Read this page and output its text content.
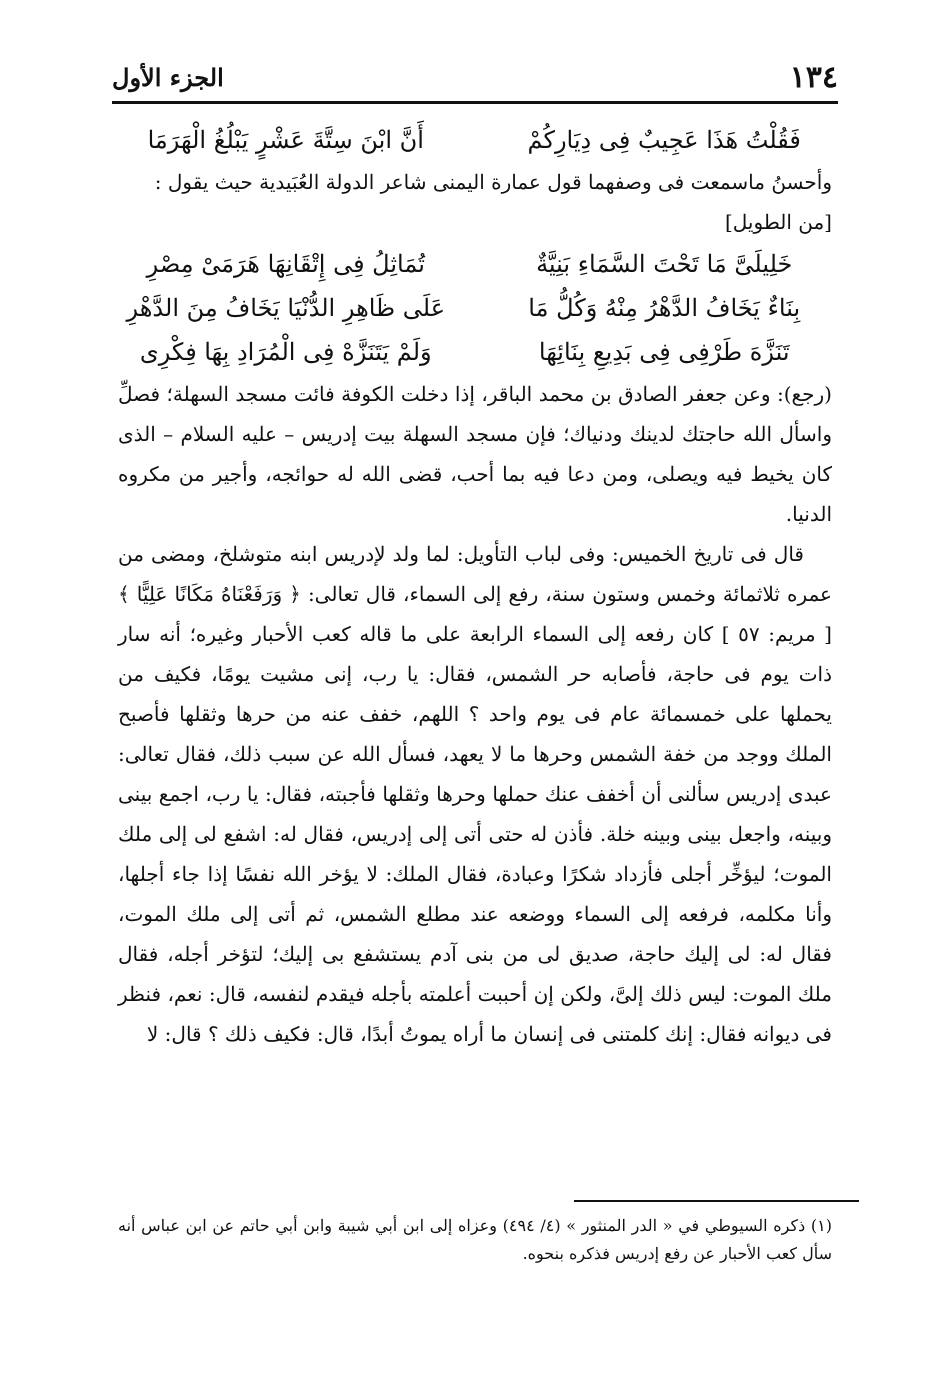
١٣٤
الجزء الأول
فَقُلْتُ هَذَا عَجِيبٌ فِى دِيَارِكُمْ
أَنَّ ابْنَ سِتَّةَ عَشْرٍ يَبْلُغُ الْهَرَمَا

وأحسنُ ماسمعت فى وصفهما قول عمارة اليمنى شاعر الدولة العُبَيدية حيث يقول :

[من الطويل]

خَلِيلَىَّ مَا تَحْتَ السَّمَاءِ بَنِيَّةٌ
تُمَاثِلُ فِى إِتْقَانِهَا هَرَمَىْ مِصْرِ
بِنَاءٌ يَخَافُ الدَّهْرُ مِنْهُ وَكُلُّ مَا
عَلَى ظَاهِرِ الدُّنْيَا يَخَافُ مِنَ الدَّهْرِ
تَنَزَّهَ طَرْفِى فِى بَدِيعِ بِنَائِهَا
وَلَمْ يَتَنَزَّهْ فِى الْمُرَادِ بِهَا فِكْرِى

(رجع): وعن جعفر الصادق بن محمد الباقر، إذا دخلت الكوفة فائت مسجد السهلة؛ فصلِّ واسأل الله حاجتك لدينك ودنياك؛ فإن مسجد السهلة بيت إدريس – عليه السلام – الذى كان يخيط فيه ويصلى، ومن دعا فيه بما أحب، قضى الله له حوائجه، وأجير من مكروه الدنيا.

قال فى تاريخ الخميس: وفى لباب التأويل: لما ولد لإدريس ابنه متوشلخ، ومضى من عمره ثلاثمائة وخمس وستون سنة، رفع إلى السماء، قال تعالى: ﴿ وَرَفَعْنَاهُ مَكَانًا عَلِيًّا ﴾ [ مريم: ٥٧ ] كان رفعه إلى السماء الرابعة على ما قاله كعب الأحبار وغيره؛ أنه سار ذات يوم فى حاجة، فأصابه حر الشمس، فقال: يا رب، إنى مشيت يومًا، فكيف من يحملها على خمسمائة عام فى يوم واحد ؟ اللهم، خفف عنه من حرها وثقلها فأصبح الملك ووجد من خفة الشمس وحرها ما لا يعهد، فسأل الله عن سبب ذلك، فقال تعالى: عبدى إدريس سألنى أن أخفف عنك حملها وحرها وثقلها فأجبته، فقال: يا رب، اجمع بينى وبينه، واجعل بينى وبينه خلة. فأذن له حتى أتى إلى إدريس، فقال له: اشفع لى إلى ملك الموت؛ ليؤخِّر أجلى فأزداد شكرًا وعبادة، فقال الملك: لا يؤخر الله نفسًا إذا جاء أجلها، وأنا مكلمه، فرفعه إلى السماء ووضعه عند مطلع الشمس، ثم أتى إلى ملك الموت، فقال له: لى إليك حاجة، صديق لى من بنى آدم يستشفع بى إليك؛ لتؤخر أجله، فقال ملك الموت: ليس ذلك إلىَّ، ولكن إن أحببت أعلمته بأجله فيقدم لنفسه، قال: نعم، فنظر فى ديوانه فقال: إنك كلمتنى فى إنسان ما أراه يموتُ أبدًا، قال: فكيف ذلك ؟ قال: لا

(١) ذكره السيوطي في « الدر المنثور » (٤/ ٤٩٤) وعزاه إلى ابن أبي شيبة وابن أبي حاتم عن ابن عباس أنه سأل كعب الأحبار عن رفع إدريس فذكره بنحوه.
